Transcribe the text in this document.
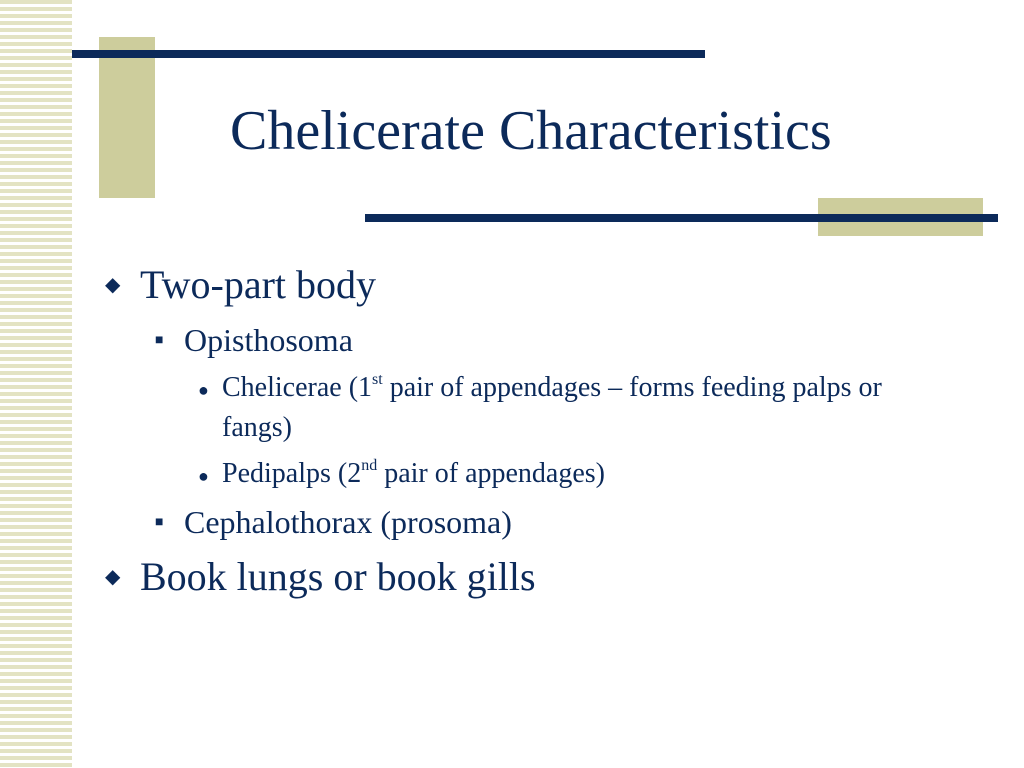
Chelicerate Characteristics
◆ Two-part body
■ Opisthosoma
● Chelicerae (1st pair of appendages – forms feeding palps or fangs)
● Pedipalps (2nd pair of appendages)
■ Cephalothorax (prosoma)
◆ Book lungs or book gills
